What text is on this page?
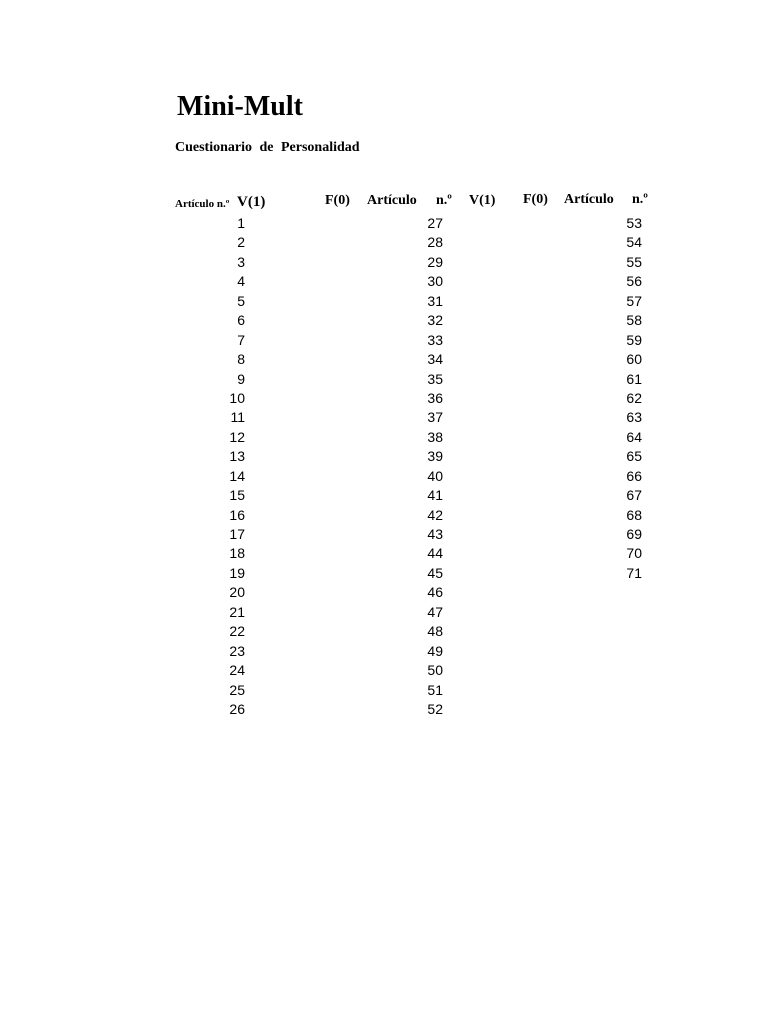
Mini-Mult
Cuestionario de Personalidad
Artículo n.º V(1)	F(0) Artículo n.º V(1) F(0) Artículo n.º
1
2
3
4
5
6
7
8
9
10
11
12
13
14
15
16
17
18
19
20
21
22
23
24
25
26
27
28
29
30
31
32
33
34
35
36
37
38
39
40
41
42
43
44
45
46
47
48
49
50
51
52
53
54
55
56
57
58
59
60
61
62
63
64
65
66
67
68
69
70
71
